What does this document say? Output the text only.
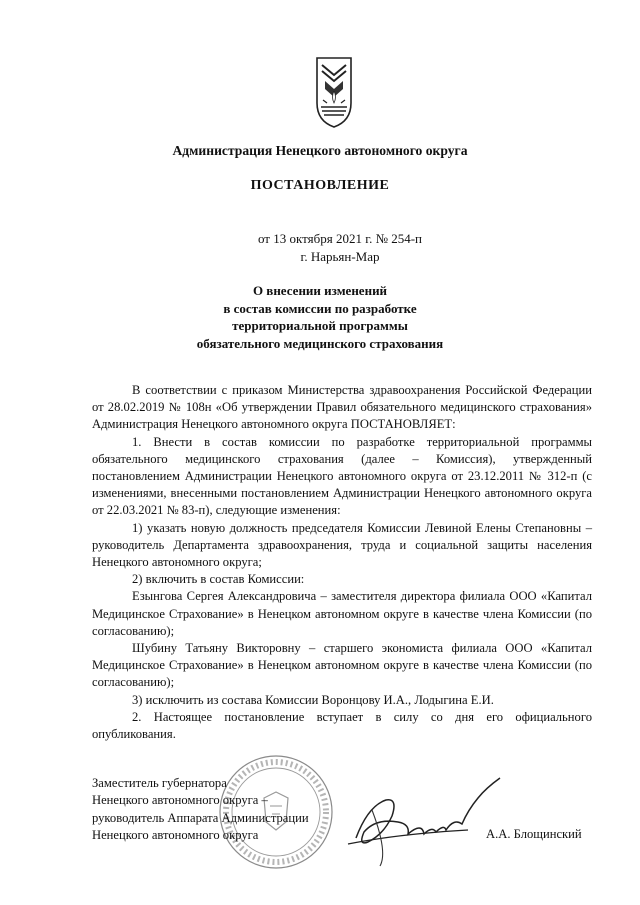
Администрация Ненецкого автономного округа
ПОСТАНОВЛЕНИЕ
от 13 октября 2021 г. № 254-п
г. Нарьян-Мар
О внесении изменений
в состав комиссии по разработке
территориальной программы
обязательного медицинского страхования

В соответствии с приказом Министерства здравоохранения Российской Федерации от 28.02.2019 № 108н «Об утверждении Правил обязательного медицинского страхования» Администрация Ненецкого автономного округа ПОСТАНОВЛЯЕТ:

1. Внести в состав комиссии по разработке территориальной программы обязательного медицинского страхования (далее – Комиссия), утвержденный постановлением Администрации Ненецкого автономного округа от 23.12.2011 № 312-п (с изменениями, внесенными постановлением Администрации Ненецкого автономного округа от 22.03.2021 № 83-п), следующие изменения:

1) указать новую должность председателя Комиссии Левиной Елены Степановны – руководитель Департамента здравоохранения, труда и социальной защиты населения Ненецкого автономного округа;

2) включить в состав Комиссии:

Езынгова Сергея Александровича – заместителя директора филиала ООО «Капитал Медицинское Страхование» в Ненецком автономном округе в качестве члена Комиссии (по согласованию);

Шубину Татьяну Викторовну – старшего экономиста филиала ООО «Капитал Медицинское Страхование» в Ненецком автономном округе в качестве члена Комиссии (по согласованию);

3) исключить из состава Комиссии Воронцову И.А., Лодыгина Е.И.

2. Настоящее постановление вступает в силу со дня его официального опубликования.

Заместитель губернатора
Ненецкого автономного округа –
руководитель Аппарата Администрации
Ненецкого автономного округа	А.А. Блощинский
